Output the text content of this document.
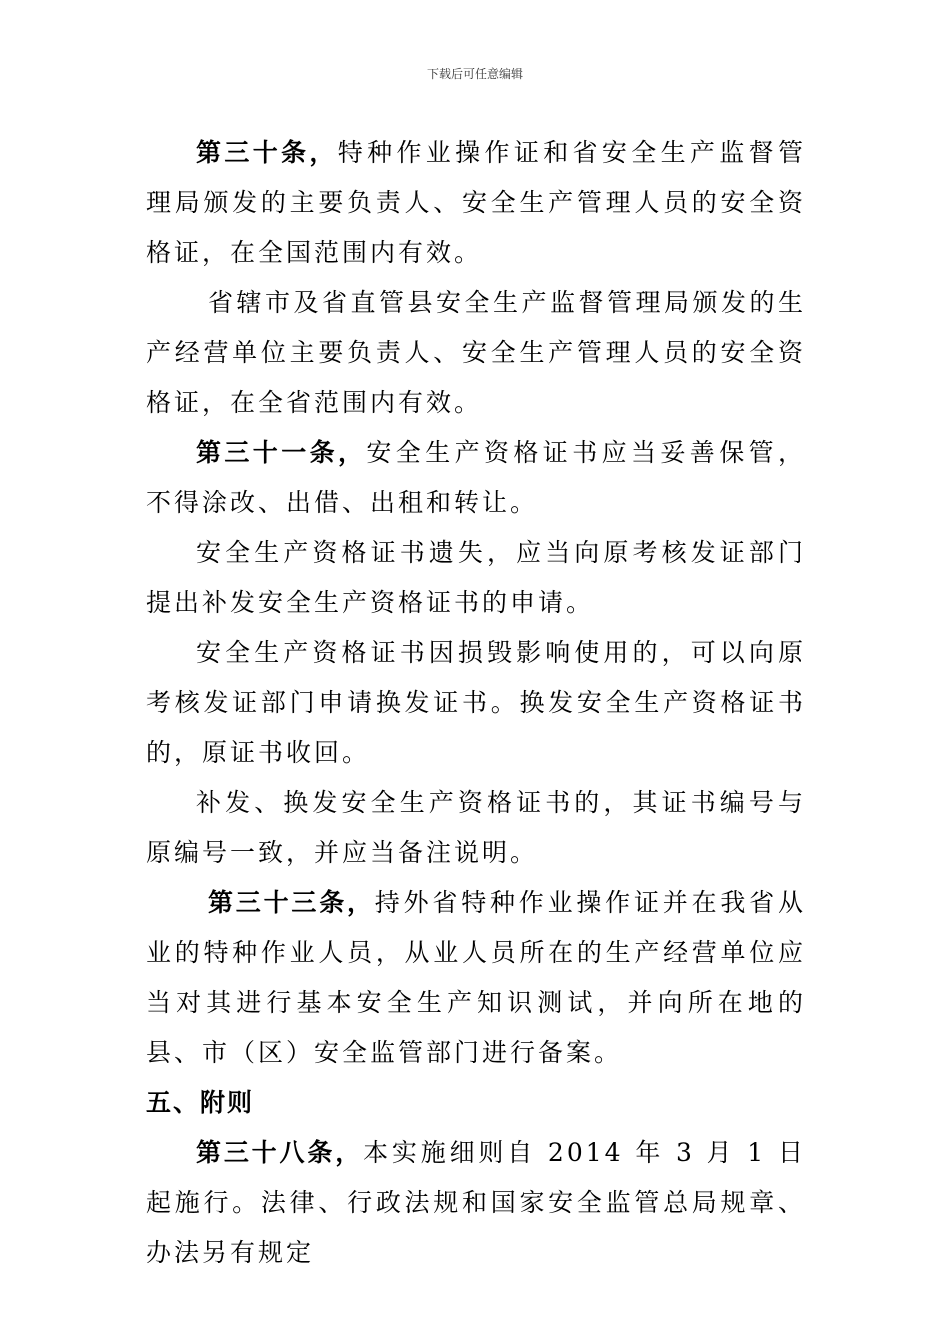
下载后可任意编辑

第三十条，特种作业操作证和省安全生产监督管理局颁发的主要负责人、安全生产管理人员的安全资格证，在全国范围内有效。

省辖市及省直管县安全生产监督管理局颁发的生产经营单位主要负责人、安全生产管理人员的安全资格证，在全省范围内有效。

第三十一条，安全生产资格证书应当妥善保管，不得涂改、出借、出租和转让。

安全生产资格证书遗失，应当向原考核发证部门提出补发安全生产资格证书的申请。

安全生产资格证书因损毁影响使用的，可以向原考核发证部门申请换发证书。换发安全生产资格证书的，原证书收回。

补发、换发安全生产资格证书的，其证书编号与原编号一致，并应当备注说明。

第三十三条，持外省特种作业操作证并在我省从业的特种作业人员，从业人员所在的生产经营单位应当对其进行基本安全生产知识测试，并向所在地的县、市（区）安全监管部门进行备案。

五、附则

第三十八条，本实施细则自 2014 年 3 月 1 日起施行。法律、行政法规和国家安全监管总局规章、办法另有规定
